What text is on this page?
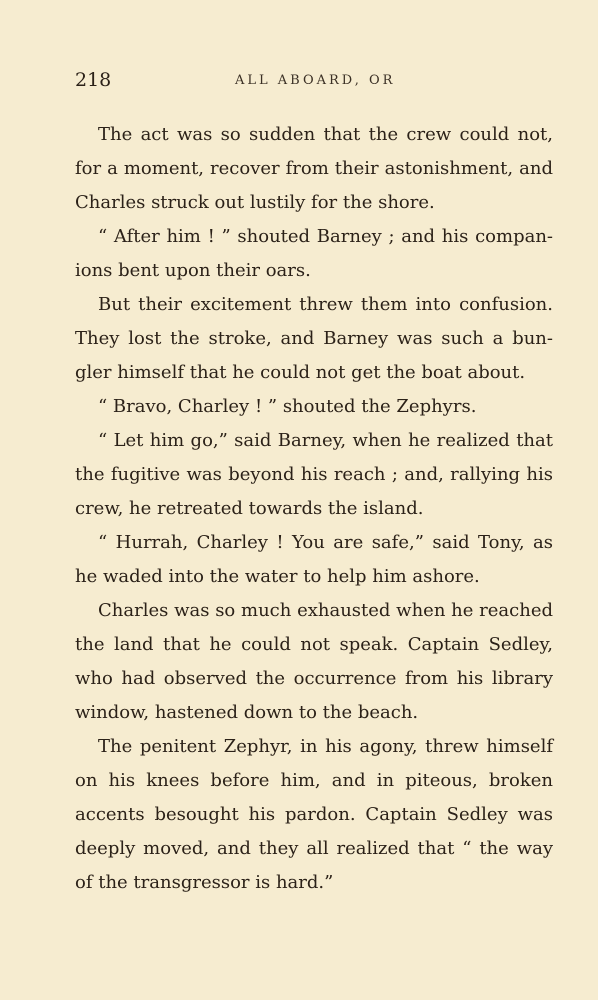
218	ALL ABOARD, OR
The act was so sudden that the crew could not,
for a moment, recover from their astonishment, and
Charles struck out lustily for the shore.
“ After him ! ” shouted Barney ; and his compan-
ions bent upon their oars.
But their excitement threw them into confusion.
They lost the stroke, and Barney was such a bun-
gler himself that he could not get the boat about.
“ Bravo, Charley ! ” shouted the Zephyrs.
“ Let him go,” said Barney, when he realized that
the fugitive was beyond his reach ; and, rallying his
crew, he retreated towards the island.
“ Hurrah, Charley ! You are safe,” said Tony, as
he waded into the water to help him ashore.
Charles was so much exhausted when he reached
the land that he could not speak. Captain Sedley,
who had observed the occurrence from his library
window, hastened down to the beach.
The penitent Zephyr, in his agony, threw himself
on his knees before him, and in piteous, broken
accents besought his pardon. Captain Sedley was
deeply moved, and they all realized that “ the way
of the transgressor is hard.”
